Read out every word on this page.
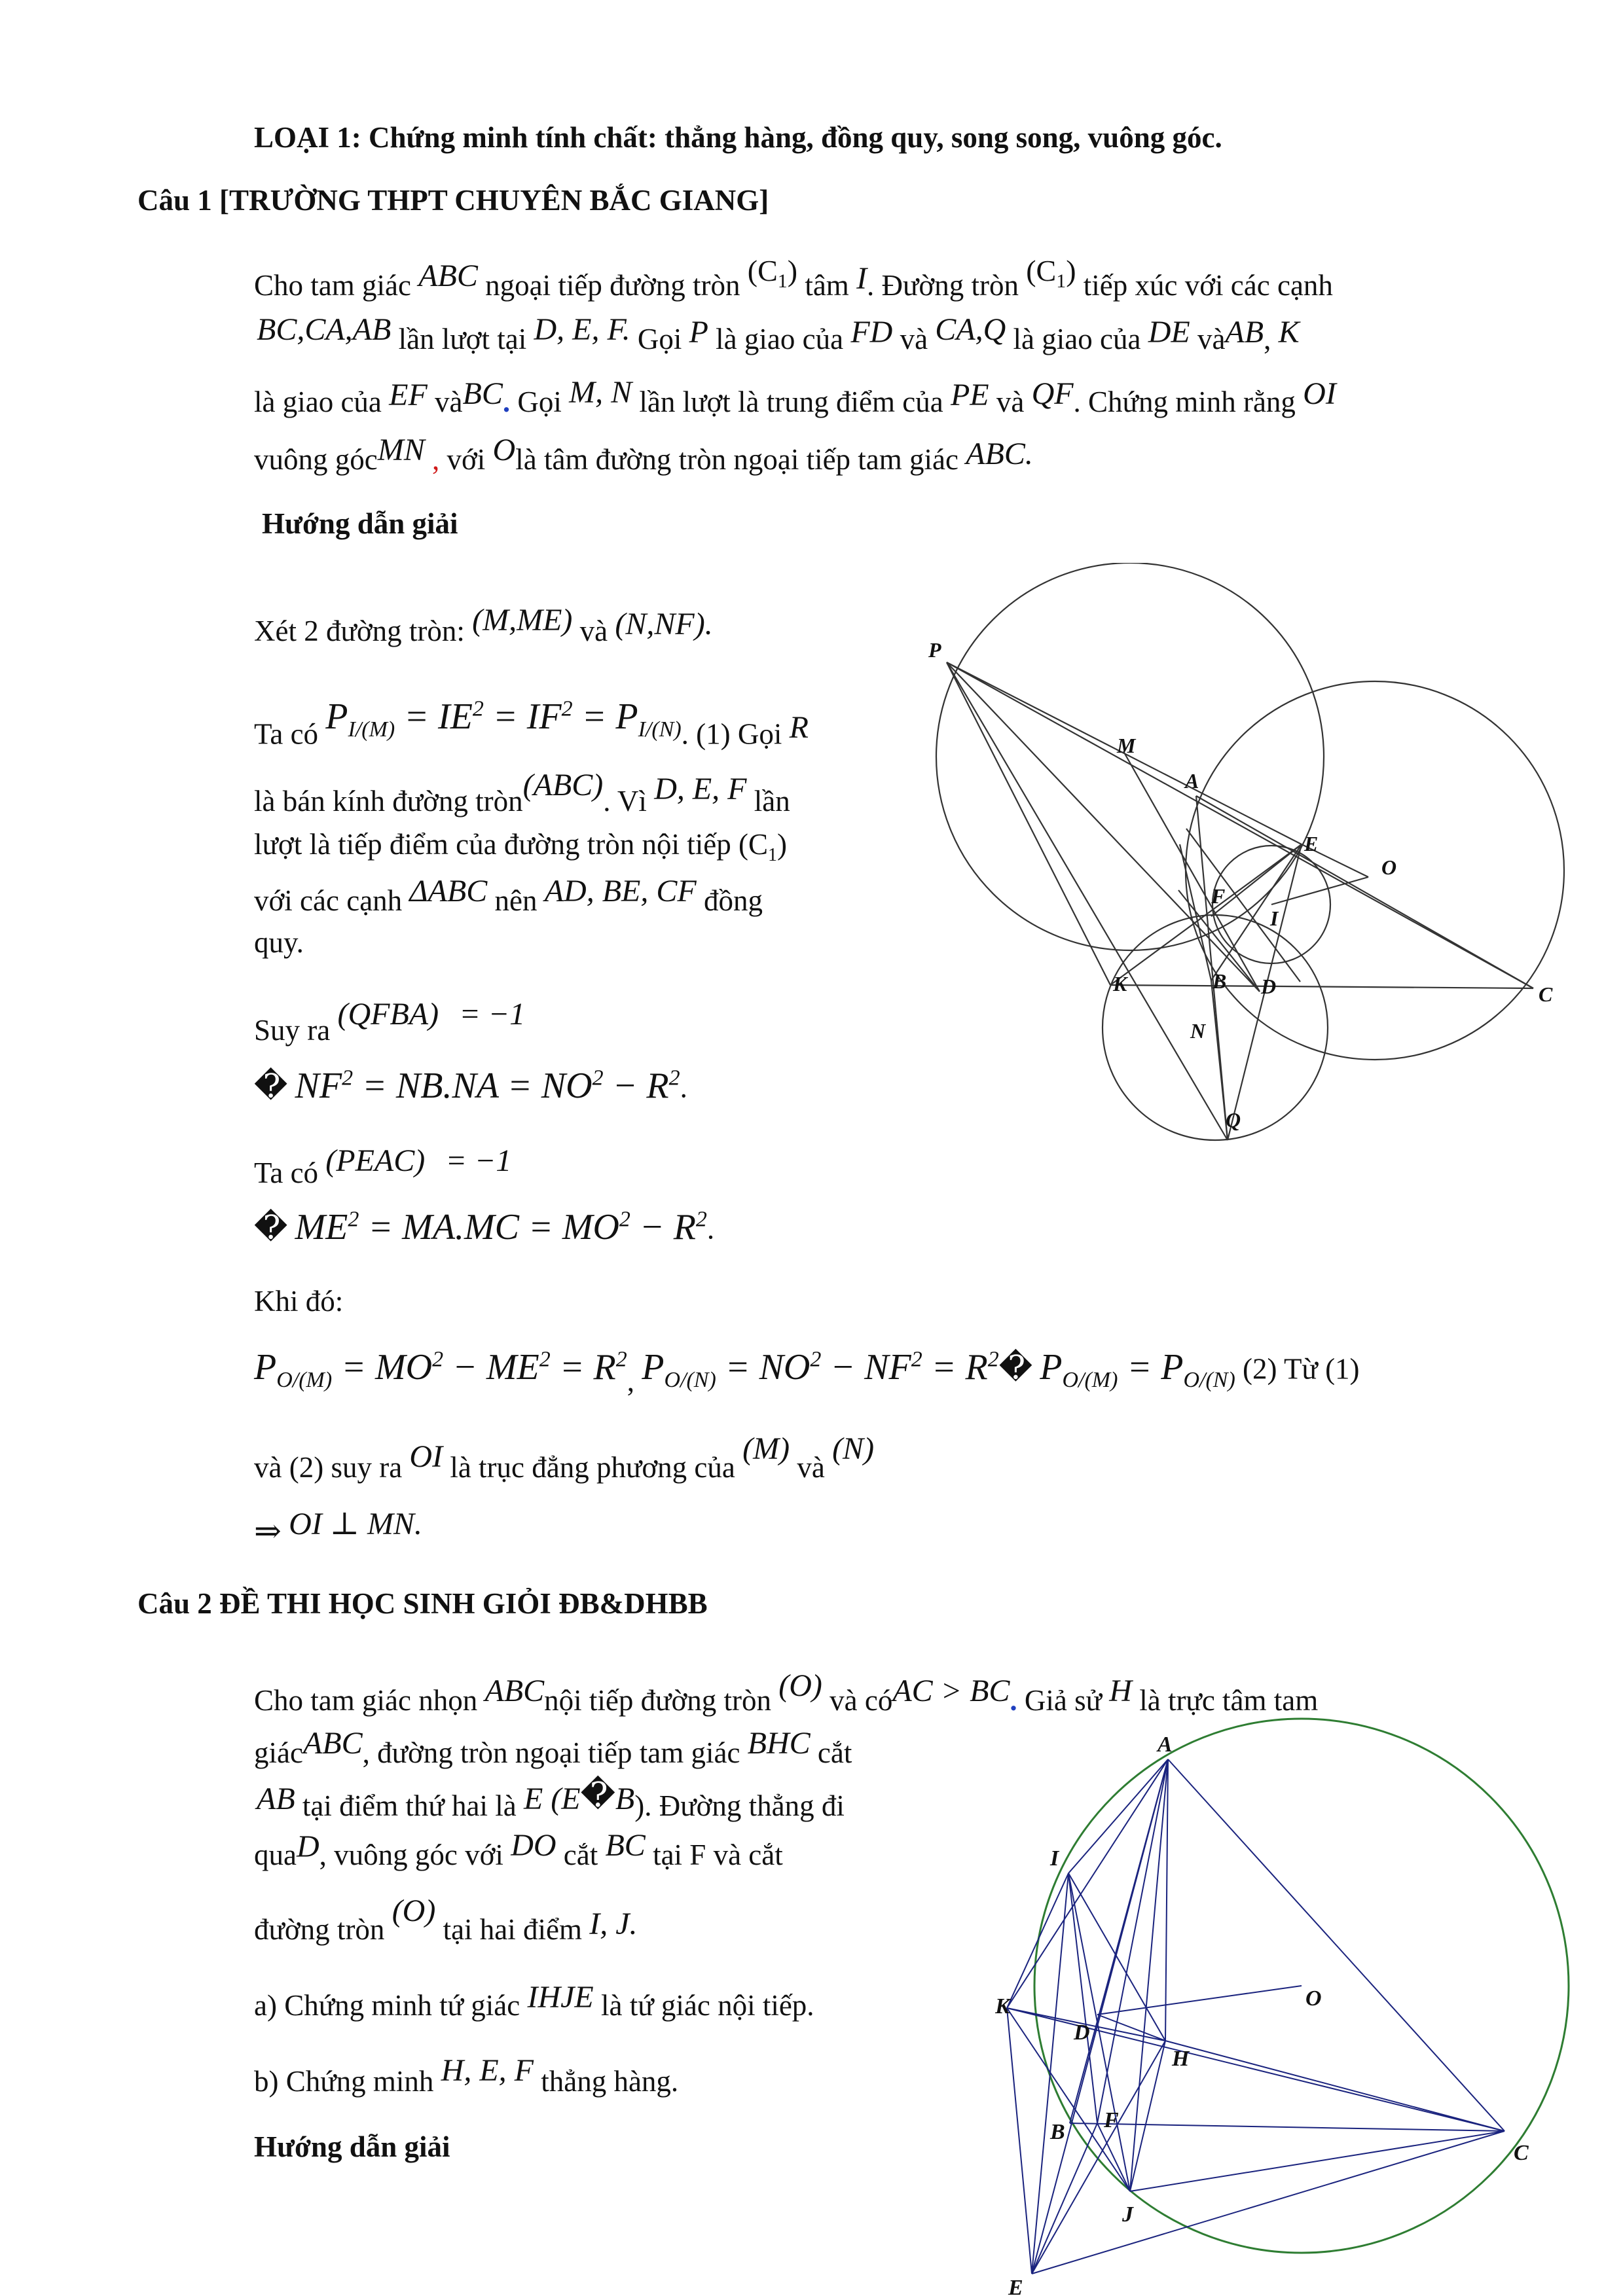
LOẠI 1: Chứng minh tính chất: thẳng hàng, đồng quy, song song, vuông góc.
Câu 1 [TRƯỜNG THPT CHUYÊN BẮC GIANG]
Cho tam giác ABC ngoại tiếp đường tròn $(C_1)$ tâm I. Đường tròn $(C_1)$ tiếp xúc với các cạnh
BC,CA,AB lần lượt tại D, E, F. Gọi P là giao của FD và CA,Q là giao của DE vàAB, K
là giao của EF vàBC. Gọi M, N lần lượt là trung điểm của PE và QF. Chứng minh rằng OI
vuông gócMN , với Olà tâm đường tròn ngoại tiếp tam giác ABC.
Hướng dẫn giải
Xét 2 đường tròn: (M,ME) và (N,NF).
Ta có $P_{I/(M)} = IE^2 = IF^2 = P_{I/(N)}$. (1) Gọi R
là bán kính đường tròn(ABC). Vì D, E, F lần
lượt là tiếp điểm của đường tròn nội tiếp $(C_1)$
với các cạnh ΔABC nên AD, BE, CF đồng
quy.
Suy ra (QFBA) = −1
� $NF^2 = NB.NA = NO^2 - R^2$.
Ta có (PEAC) = −1
� $ME^2 = MA.MC = MO^2 - R^2$.
Khi đó:
$P_{O/(M)} = MO^2 - ME^2 = R^2$, $P_{O/(N)} = NO^2 - NF^2$ = $R^2�$ $P_{O/(M)} = P_{O/(N)}$ (2) Từ (1)
và (2) suy ra OI là trục đẳng phương của (M) và (N)
⇒ OI ⊥ MN.
P
M
A
E
O
F
I
K	B D	C
N
Q
Câu 2 ĐỀ THI HỌC SINH GIỎI ĐB&DHBB
Cho tam giác nhọn ABCnội tiếp đường tròn (O) và cóAC > BC. Giả sử H là trực tâm tam
giácABC, đường tròn ngoại tiếp tam giác BHC cắt
AB tại điểm thứ hai là E (E�B). Đường thẳng đi
quaD, vuông góc với DO cắt BC tại F và cắt
đường tròn (O) tại hai điểm I, J.
a) Chứng minh tứ giác IHJE là tứ giác nội tiếp.
b) Chứng minh H, E, F thẳng hàng.
Hướng dẫn giải
A
I
K	O
D
H
B F
C
J
E
